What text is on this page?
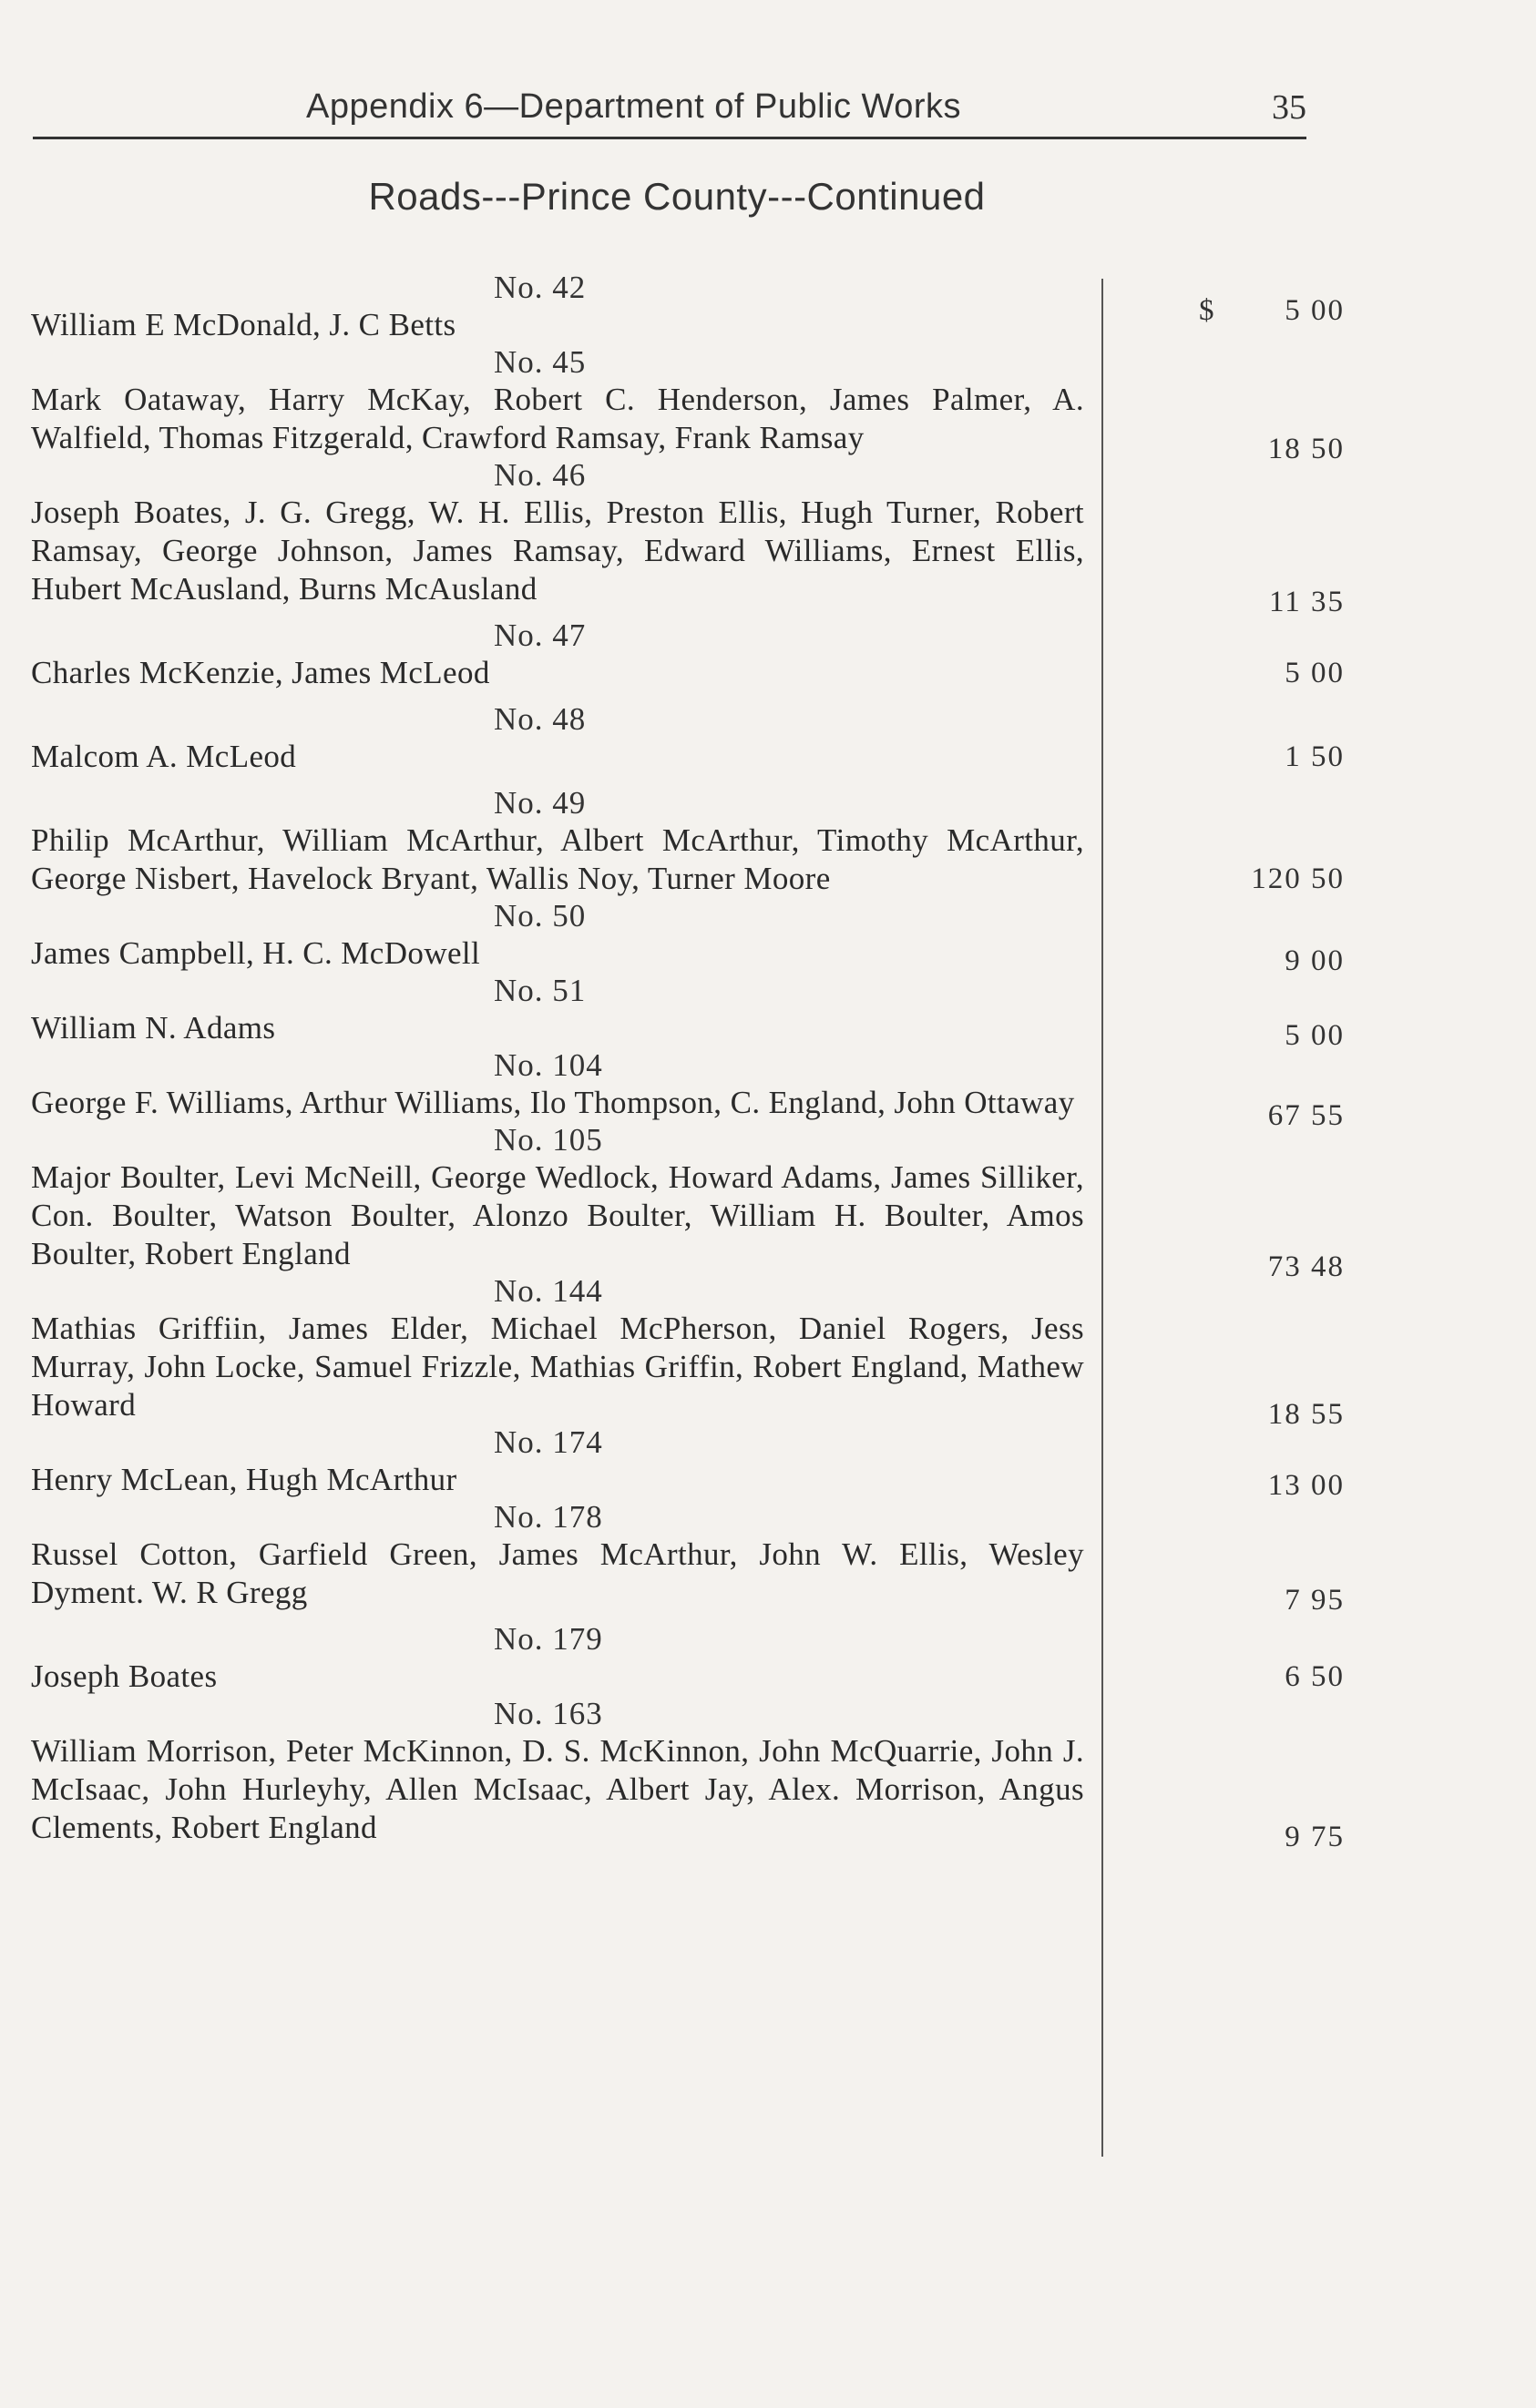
Appendix 6—Department of Public Works	35
Roads---Prince County---Continued
No. 42
William E McDonald, J. C Betts	$ 5 00
No. 45
Mark Oataway, Harry McKay, Robert C. Henderson, James Palmer, A. Walfield, Thomas Fitzgerald, Crawford Ramsay, Frank Ramsay	18 50
No. 46
Joseph Boates, J. G. Gregg, W. H. Ellis, Preston Ellis, Hugh Turner, Robert Ramsay, George Johnson, James Ramsay, Edward Williams, Ernest Ellis, Hubert McAusland, Burns McAusland	11 35
No. 47
Charles McKenzie, James McLeod	5 00
No. 48
Malcom A. McLeod	1 50
No. 49
Philip McArthur, William McArthur, Albert McArthur, Timothy McArthur, George Nisbert, Havelock Bryant, Wallis Noy, Turner Moore	120 50
No. 50
James Campbell, H. C. McDowell	9 00
No. 51
William N. Adams	5 00
No. 104
George F. Williams, Arthur Williams, Ilo Thompson, C. England, John Ottaway	67 55
No. 105
Major Boulter, Levi McNeill, George Wedlock, Howard Adams, James Silliker, Con. Boulter, Watson Boulter, Alonzo Boulter, William H. Boulter, Amos Boulter, Robert England	73 48
No. 144
Mathias Griffiin, James Elder, Michael McPherson, Daniel Rogers, Jess Murray, John Locke, Samuel Frizzle, Mathias Griffin, Robert England, Mathew Howard	18 55
No. 174
Henry McLean, Hugh McArthur	13 00
No. 178
Russel Cotton, Garfield Green, James McArthur, John W. Ellis, Wesley Dyment. W. R Gregg	7 95
No. 179
Joseph Boates	6 50
No. 163
William Morrison, Peter McKinnon, D. S. McKinnon, John McQuarrie, John J. McIsaac, John Hurleyhy, Allen McIsaac, Albert Jay, Alex. Morrison, Angus Clements, Robert England	9 75
